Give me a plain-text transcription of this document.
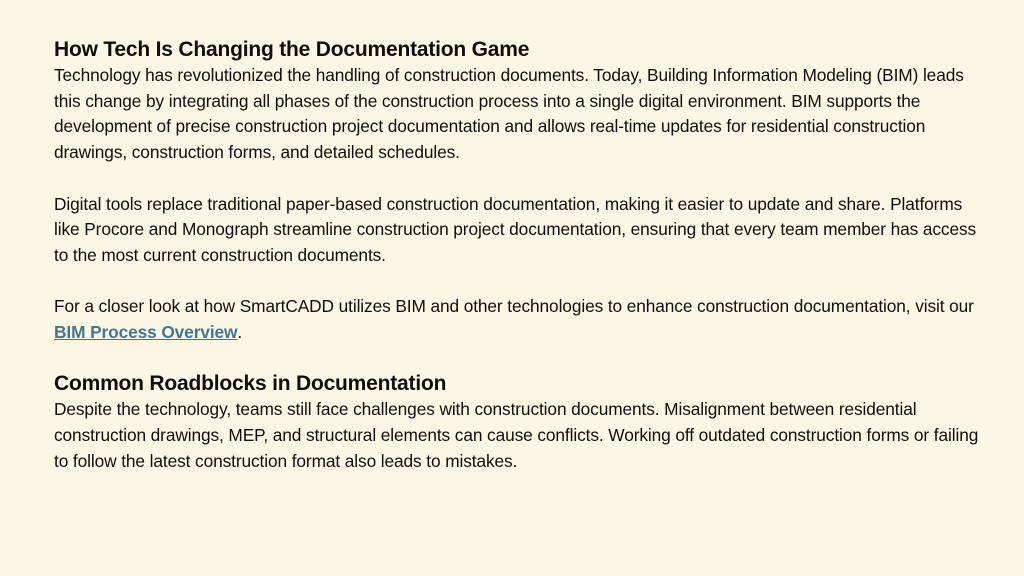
How Tech Is Changing the Documentation Game

Technology has revolutionized the handling of construction documents. Today, Building Information Modeling (BIM) leads this change by integrating all phases of the construction process into a single digital environment. BIM supports the development of precise construction project documentation and allows real-time updates for residential construction drawings, construction forms, and detailed schedules.

Digital tools replace traditional paper-based construction documentation, making it easier to update and share. Platforms like Procore and Monograph streamline construction project documentation, ensuring that every team member has access to the most current construction documents.

For a closer look at how SmartCADD utilizes BIM and other technologies to enhance construction documentation, visit our BIM Process Overview.

Common Roadblocks in Documentation

Despite the technology, teams still face challenges with construction documents. Misalignment between residential construction drawings, MEP, and structural elements can cause conflicts. Working off outdated construction forms or failing to follow the latest construction format also leads to mistakes.
